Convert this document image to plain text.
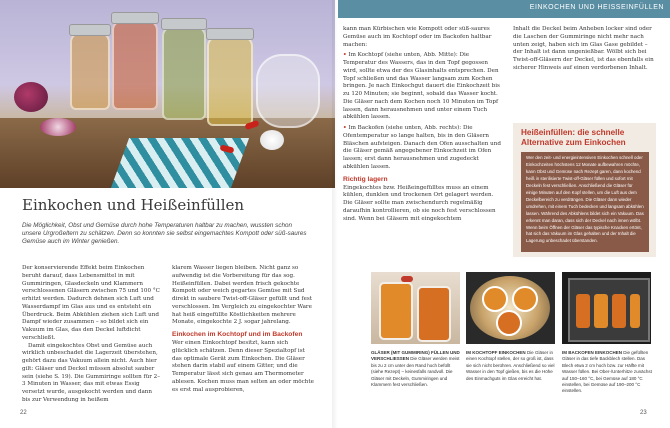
Einkochen und Heißeinfüllen
Die Möglichkeit, Obst und Gemüse durch hohe Temperaturen haltbar zu machen, wussten schon unsere Urgroßeltern zu schätzen. Denn so konnten sie selbst eingemachtes Kompott oder süß-saures Gemüse auch im Winter genießen.

Der konservierende Effekt beim Einkochen beruht darauf, dass Lebensmittel in mit Gummiringen, Glasdeckeln und Klammern verschlossenen Gläsern zwischen 75 und 100 °C erhitzt werden. Dadurch dehnen sich Luft und Wasserdampf im Glas aus und es entsteht ein Überdruck. Beim Abkühlen ziehen sich Luft und Dampf wieder zusammen – so bildet sich ein Vakuum im Glas, das den Deckel luftdicht verschließt.

Damit eingekochtes Obst und Gemüse auch wirklich unbeschadet die Lagerzeit überstehen, gehört dazu das Vakuum allein nicht. Auch hier gilt: Gläser und Deckel müssen absolut sauber sein (siehe S. 19). Die Gummiringe sollten für 2–3 Minuten in Wasser, das mit etwas Essig versetzt wurde, ausgekocht werden und dann bis zur Verwendung in heißem

klarem Wasser liegen bleiben. Nicht ganz so aufwendig ist die Vorbereitung für das sog. Heißeinfüllen. Dabei werden frisch gekochte Kompott oder weich gegartes Gemüse mit Sud direkt in saubere Twist-off-Gläser gefüllt und fest verschlossen. Im Vergleich zu eingekochter Ware hat heiß eingefüllte Köstlichkeiten mehrere Monate, eingekochte 2 J. sogar jahrelang.

Einkochen im Kochtopf und im Backofen

Wer einen Einkochtopf besitzt, kann sich glücklich schätzen. Denn dieser Spezialtopf ist das optimale Gerät zum Einkochen. Die Gläser stehen darin stabil auf einem Gitter, und die Temperatur lässt sich genau am Thermometer ablesen. Kochen muss man selten an oder möchte es erst mal ausprobieren,

22
EINKOCHEN UND HEISSEINFÜLLEN

kann man Kürbischen wie Kompott oder süß-saures Gemüse auch im Kochtopf oder im Backofen haltbar machen:

• Im Kochtopf (siehe unten, Abb. Mitte): Die Temperatur des Wassers, das in den Topf gegossen wird, sollte etwa der des Glasinhalts entsprechen. Den Topf schließen und das Wasser langsam zum Kochen bringen. Je nach Einkochgut dauert die Einkochzeit bis zu 120 Minuten; sie beginnt, sobald das Wasser kocht. Die Gläser nach dem Kochen noch 10 Minuten im Topf lassen, dann herausnehmen und unter einem Tuch abkühlen lassen.

• Im Backofen (siehe unten, Abb. rechts): Die Ofentemperatur so lange halten, bis in den Gläsern Bläschen aufsteigen. Danach den Ofen ausschalten und die Gläser gemäß angegebener Einkochzeit im Ofen lassen; erst dann herausnehmen und zugedeckt abkühlen lassen.

Richtig lagern

Eingekochtes bzw. Heißeingefülltes muss an einem kühlen, dunklen und trockenen Ort gelagert werden. Die Gläser sollte man zwischendurch regelmäßig daraufhin kontrollieren, ob sie noch fest verschlossen sind. Wenn bei Gläsern mit eingekochtem

Inhalt die Deckel beim Anheben locker sind oder die Laschen der Gummiringe nicht mehr nach unten zeigt, haben sich im Glas Gase gebildet – der Inhalt ist dann ungenießbar. Wölbt sich bei Twist-off-Gläsern der Deckel, ist das ebenfalls ein sicherer Hinweis auf einen verdorbenen Inhalt.

Heißeinfüllen: die schnelle Alternative zum Einkochen
Wer den zeit- und energieintensiven Einkochen schnell oder Einkochzeiten höchstens 12 Monate aufbewahren möchte, kann Obst und Gemüse nach Rezept garen, dann kochend heiß in sterilisierte Twist-off-Gläser füllen und sofort mit Deckeln fest verschließen. Anschließend die Gläser für einige Minuten auf den Kopf stellen, um die Luft aus dem Deckelbereich zu verdrängen. Die Gläser dann wieder umdrehen, mit einem Tuch bedecken und langsam abkühlen lassen. Während des Abkühlens bildet sich ein Vakuum. Das erkennt man daran, dass sich der Deckel nach innen wölbt. Wenn beim Öffnen der Gläser das typische Knacken ertönt, hat sich das Vakuum im Glas gehalten und der Inhalt die Lagerung unbeschadet überstanden.
GLÄSER (MIT GUMMIRING) FÜLLEN UND VERSCHLIESSEN Die Gläser werden meist bis zu 2 cm unter den Rand hoch befüllt (siehe Rezept) – keinesfalls randvoll. Die Gläser mit Deckeln, Gummiringen und Klammern fest verschließen.
IM KOCHTOPF EINKOCHEN Die Gläser in einen Kochtopf stellen, der so groß ist, dass sie sich nicht berühren. Anschließend so viel Wasser in den Topf gießen, bis es die Höhe des Einmachguts im Glas erreicht hat.
IM BACKOFEN EINKOCHEN Die gefüllten Gläser in das tiefe Backblech stellen. Das Blech etwa 2 cm hoch bzw. zur Hälfte mit Wasser füllen. Bei Ober-/Unterhitze zunächst auf 150–160 °C, bei Gemüse auf 180 °C einstellen, bei Gemüse auf 190–200 °C einstellen.
23
